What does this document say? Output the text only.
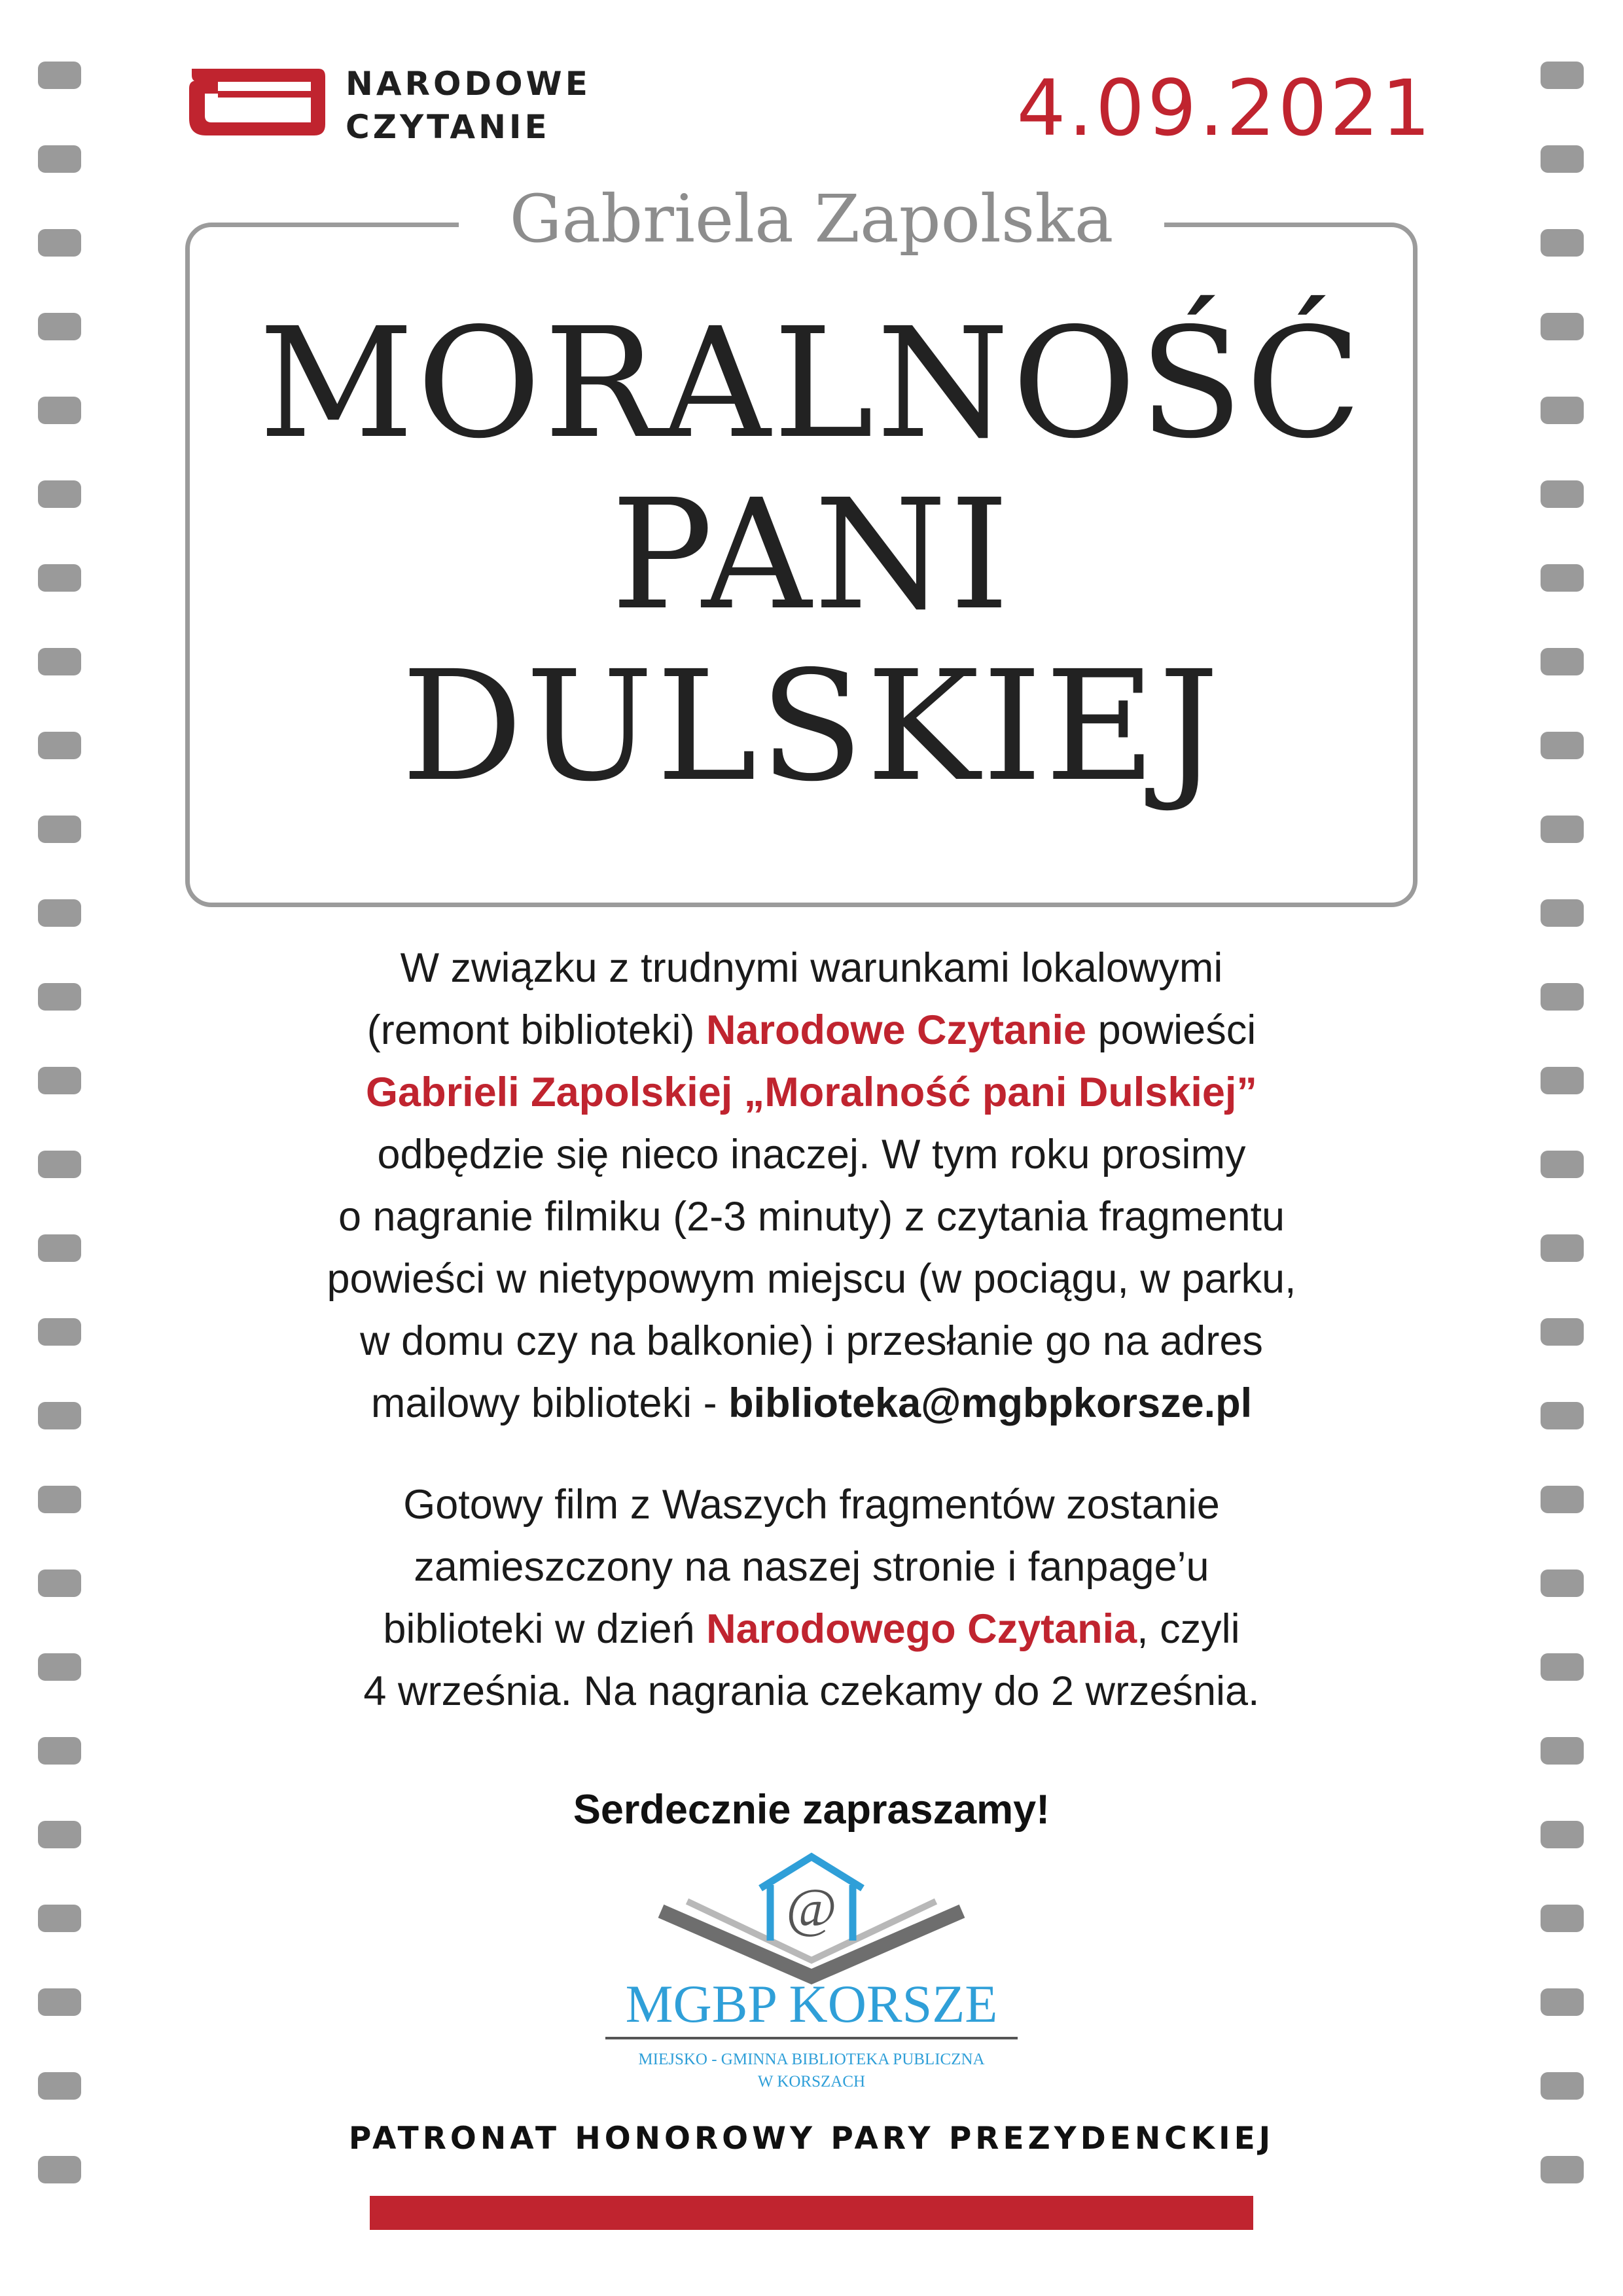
NARODOWE
CZYTANIE	4.09.2021
Gabriela Zapolska
MORALNOŚĆ
PANI
DULSKIEJ
W związku z trudnymi warunkami lokalowymi
(remont biblioteki) Narodowe Czytanie powieści
Gabrieli Zapolskiej „Moralność pani Dulskiej”
odbędzie się nieco inaczej. W tym roku prosimy
o nagranie filmiku (2-3 minuty) z czytania fragmentu
powieści w nietypowym miejscu (w pociągu, w parku,
w domu czy na balkonie) i przesłanie go na adres
mailowy biblioteki - biblioteka@mgbpkorsze.pl
Gotowy film z Waszych fragmentów zostanie
zamieszczony na naszej stronie i fanpage’u
biblioteki w dzień Narodowego Czytania, czyli
4 września. Na nagrania czekamy do 2 września.
Serdecznie zapraszamy!
@
MGBP KORSZE
MIEJSKO - GMINNA BIBLIOTEKA PUBLICZNA
W KORSZACH
PATRONAT HONOROWY PARY PREZYDENCKIEJ
